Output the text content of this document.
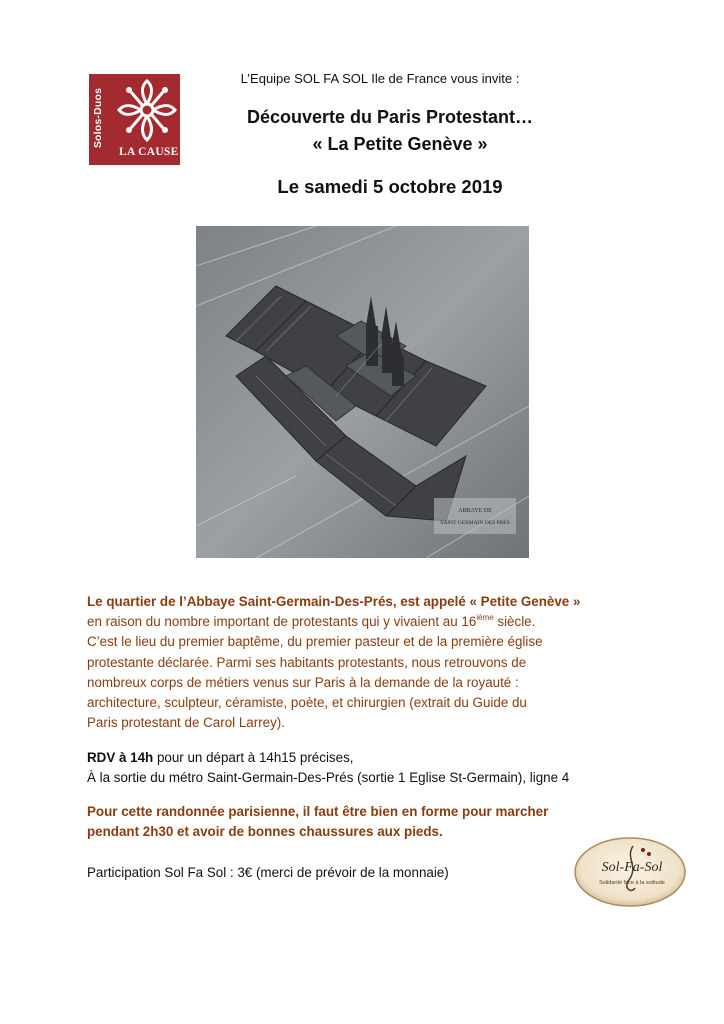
Solos-Duos
LA CAUSE
L’Equipe SOL FA SOL Ile de France vous invite :
Découverte du Paris Protestant…
« La Petite Genève »
Le samedi 5 octobre 2019
ABBAYE DE
SAINT GERMAIN DES PRÉS
Le quartier de l’Abbaye Saint-Germain-Des-Prés, est appelé « Petite Genève »
en raison du nombre important de protestants qui y vivaient au 16ième siècle.
C’est le lieu du premier baptême, du premier pasteur et de la première église
protestante déclarée. Parmi ses habitants protestants, nous retrouvons de
nombreux corps de métiers venus sur Paris à la demande de la royauté :
architecture, sculpteur, céramiste, poète, et chirurgien (extrait du Guide du
Paris protestant de Carol Larrey).
RDV à 14h pour un départ à 14h15 précises,
À la sortie du métro Saint-Germain-Des-Prés (sortie 1 Eglise St-Germain), ligne 4
Pour cette randonnée parisienne, il faut être bien en forme pour marcher
pendant 2h30 et avoir de bonnes chaussures aux pieds.
Participation Sol Fa Sol : 3€ (merci de prévoir de la monnaie)	Sol-Fa-Sol
Solidarité face à la solitude
